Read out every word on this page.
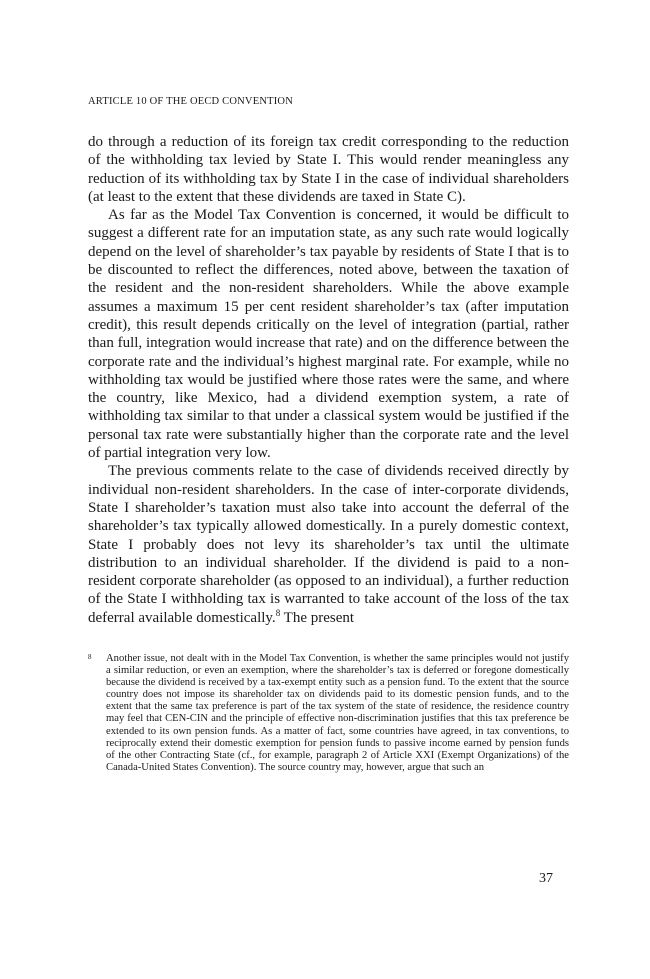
ARTICLE 10 OF THE OECD CONVENTION

do through a reduction of its foreign tax credit corresponding to the reduction of the withholding tax levied by State I. This would render meaningless any reduction of its withholding tax by State I in the case of individual shareholders (at least to the extent that these dividends are taxed in State C).

As far as the Model Tax Convention is concerned, it would be difficult to suggest a different rate for an imputation state, as any such rate would logically depend on the level of shareholder’s tax payable by residents of State I that is to be discounted to reflect the differences, noted above, between the taxation of the resident and the non-resident shareholders. While the above example assumes a maximum 15 per cent resident shareholder’s tax (after imputation credit), this result depends critically on the level of integration (partial, rather than full, integration would increase that rate) and on the difference between the corporate rate and the individual’s highest marginal rate. For example, while no withholding tax would be justified where those rates were the same, and where the country, like Mexico, had a dividend exemption system, a rate of withholding tax similar to that under a classical system would be justified if the personal tax rate were substantially higher than the corporate rate and the level of partial integration very low.

The previous comments relate to the case of dividends received directly by individual non-resident shareholders. In the case of inter-corporate dividends, State I shareholder’s taxation must also take into account the deferral of the shareholder’s tax typically allowed domestically. In a purely domestic context, State I probably does not levy its shareholder’s tax until the ultimate distribution to an individual shareholder. If the dividend is paid to a non-resident corporate shareholder (as opposed to an individual), a further reduction of the State I withholding tax is warranted to take account of the loss of the tax deferral available domestically.$^8$ The present

8 Another issue, not dealt with in the Model Tax Convention, is whether the same principles would not justify a similar reduction, or even an exemption, where the shareholder’s tax is deferred or foregone domestically because the dividend is received by a tax-exempt entity such as a pension fund. To the extent that the source country does not impose its shareholder tax on dividends paid to its domestic pension funds, and to the extent that the same tax preference is part of the tax system of the state of residence, the residence country may feel that CEN-CIN and the principle of effective non-discrimination justifies that this tax preference be extended to its own pension funds. As a matter of fact, some countries have agreed, in tax conventions, to reciprocally extend their domestic exemption for pension funds to passive income earned by pension funds of the other Contracting State (cf., for example, paragraph 2 of Article XXI (Exempt Organizations) of the Canada-United States Convention). The source country may, however, argue that such an
37
